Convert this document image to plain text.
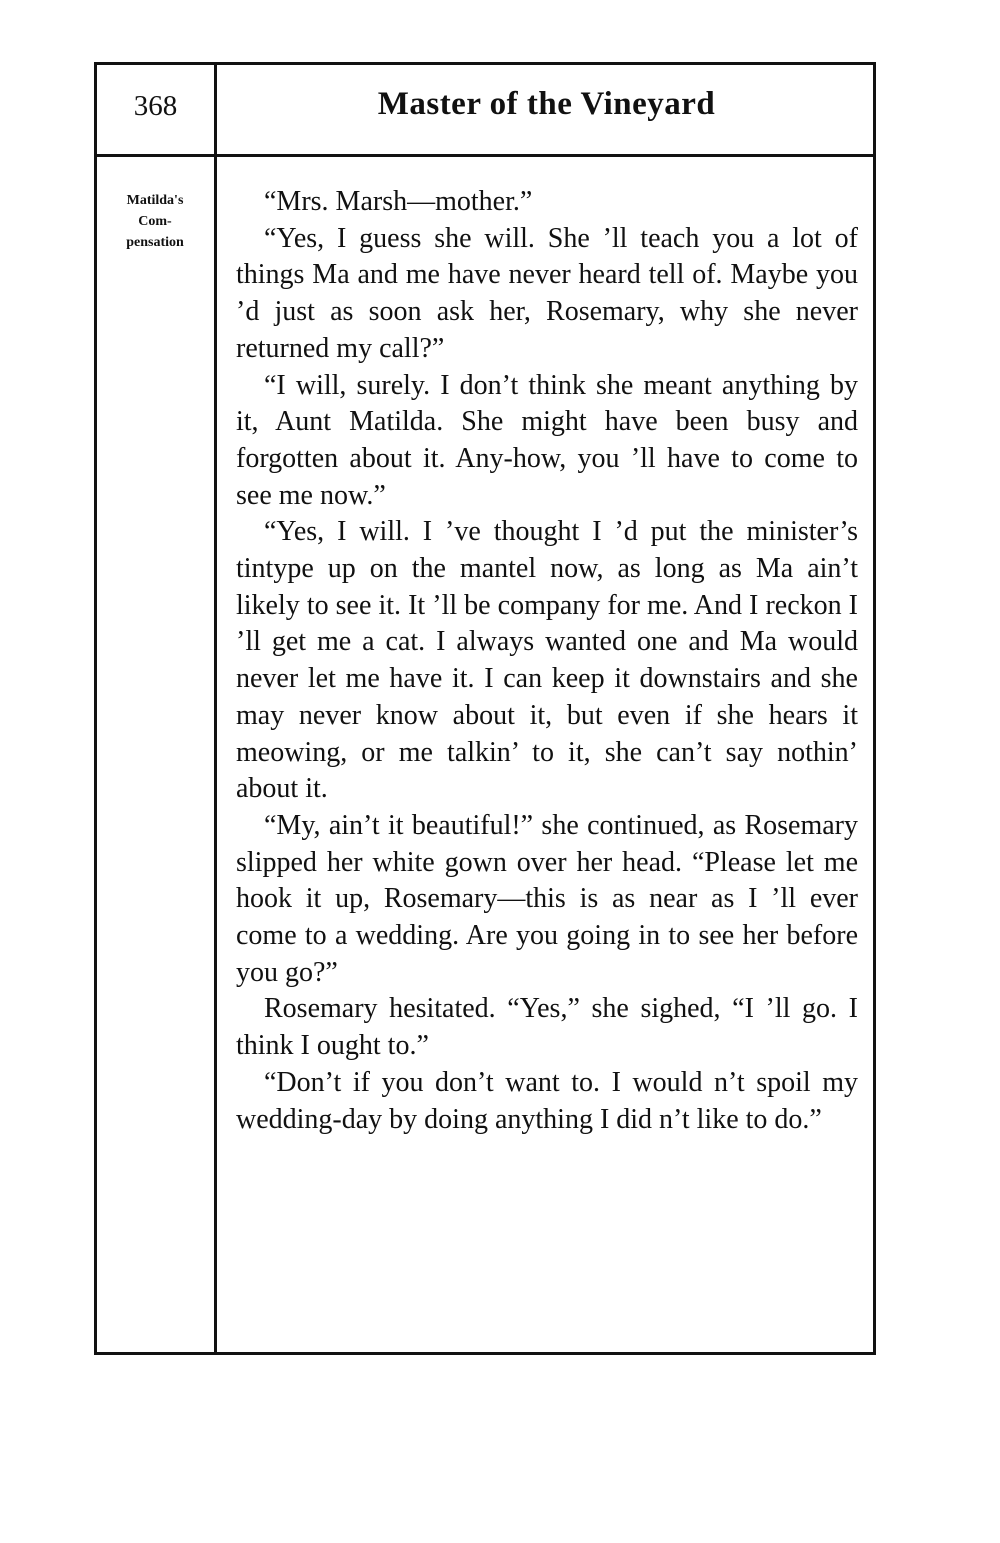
368	Master of the Vineyard
Matilda's
Com-
pensation

“Mrs. Marsh—mother.”

“Yes, I guess she will. She ’ll teach you a lot of things Ma and me have never heard tell of. Maybe you ’d just as soon ask her, Rosemary, why she never returned my call?”

“I will, surely. I don’t think she meant anything by it, Aunt Matilda. She might have been busy and forgotten about it. Any-how, you ’ll have to come to see me now.”

“Yes, I will. I ’ve thought I ’d put the minister’s tintype up on the mantel now, as long as Ma ain’t likely to see it. It ’ll be company for me. And I reckon I ’ll get me a cat. I always wanted one and Ma would never let me have it. I can keep it downstairs and she may never know about it, but even if she hears it meowing, or me talkin’ to it, she can’t say nothin’ about it.

“My, ain’t it beautiful!” she continued, as Rosemary slipped her white gown over her head. “Please let me hook it up, Rosemary—this is as near as I ’ll ever come to a wedding. Are you going in to see her before you go?”

Rosemary hesitated. “Yes,” she sighed, “I ’ll go. I think I ought to.”

“Don’t if you don’t want to. I would n’t spoil my wedding-day by doing anything I did n’t like to do.”
